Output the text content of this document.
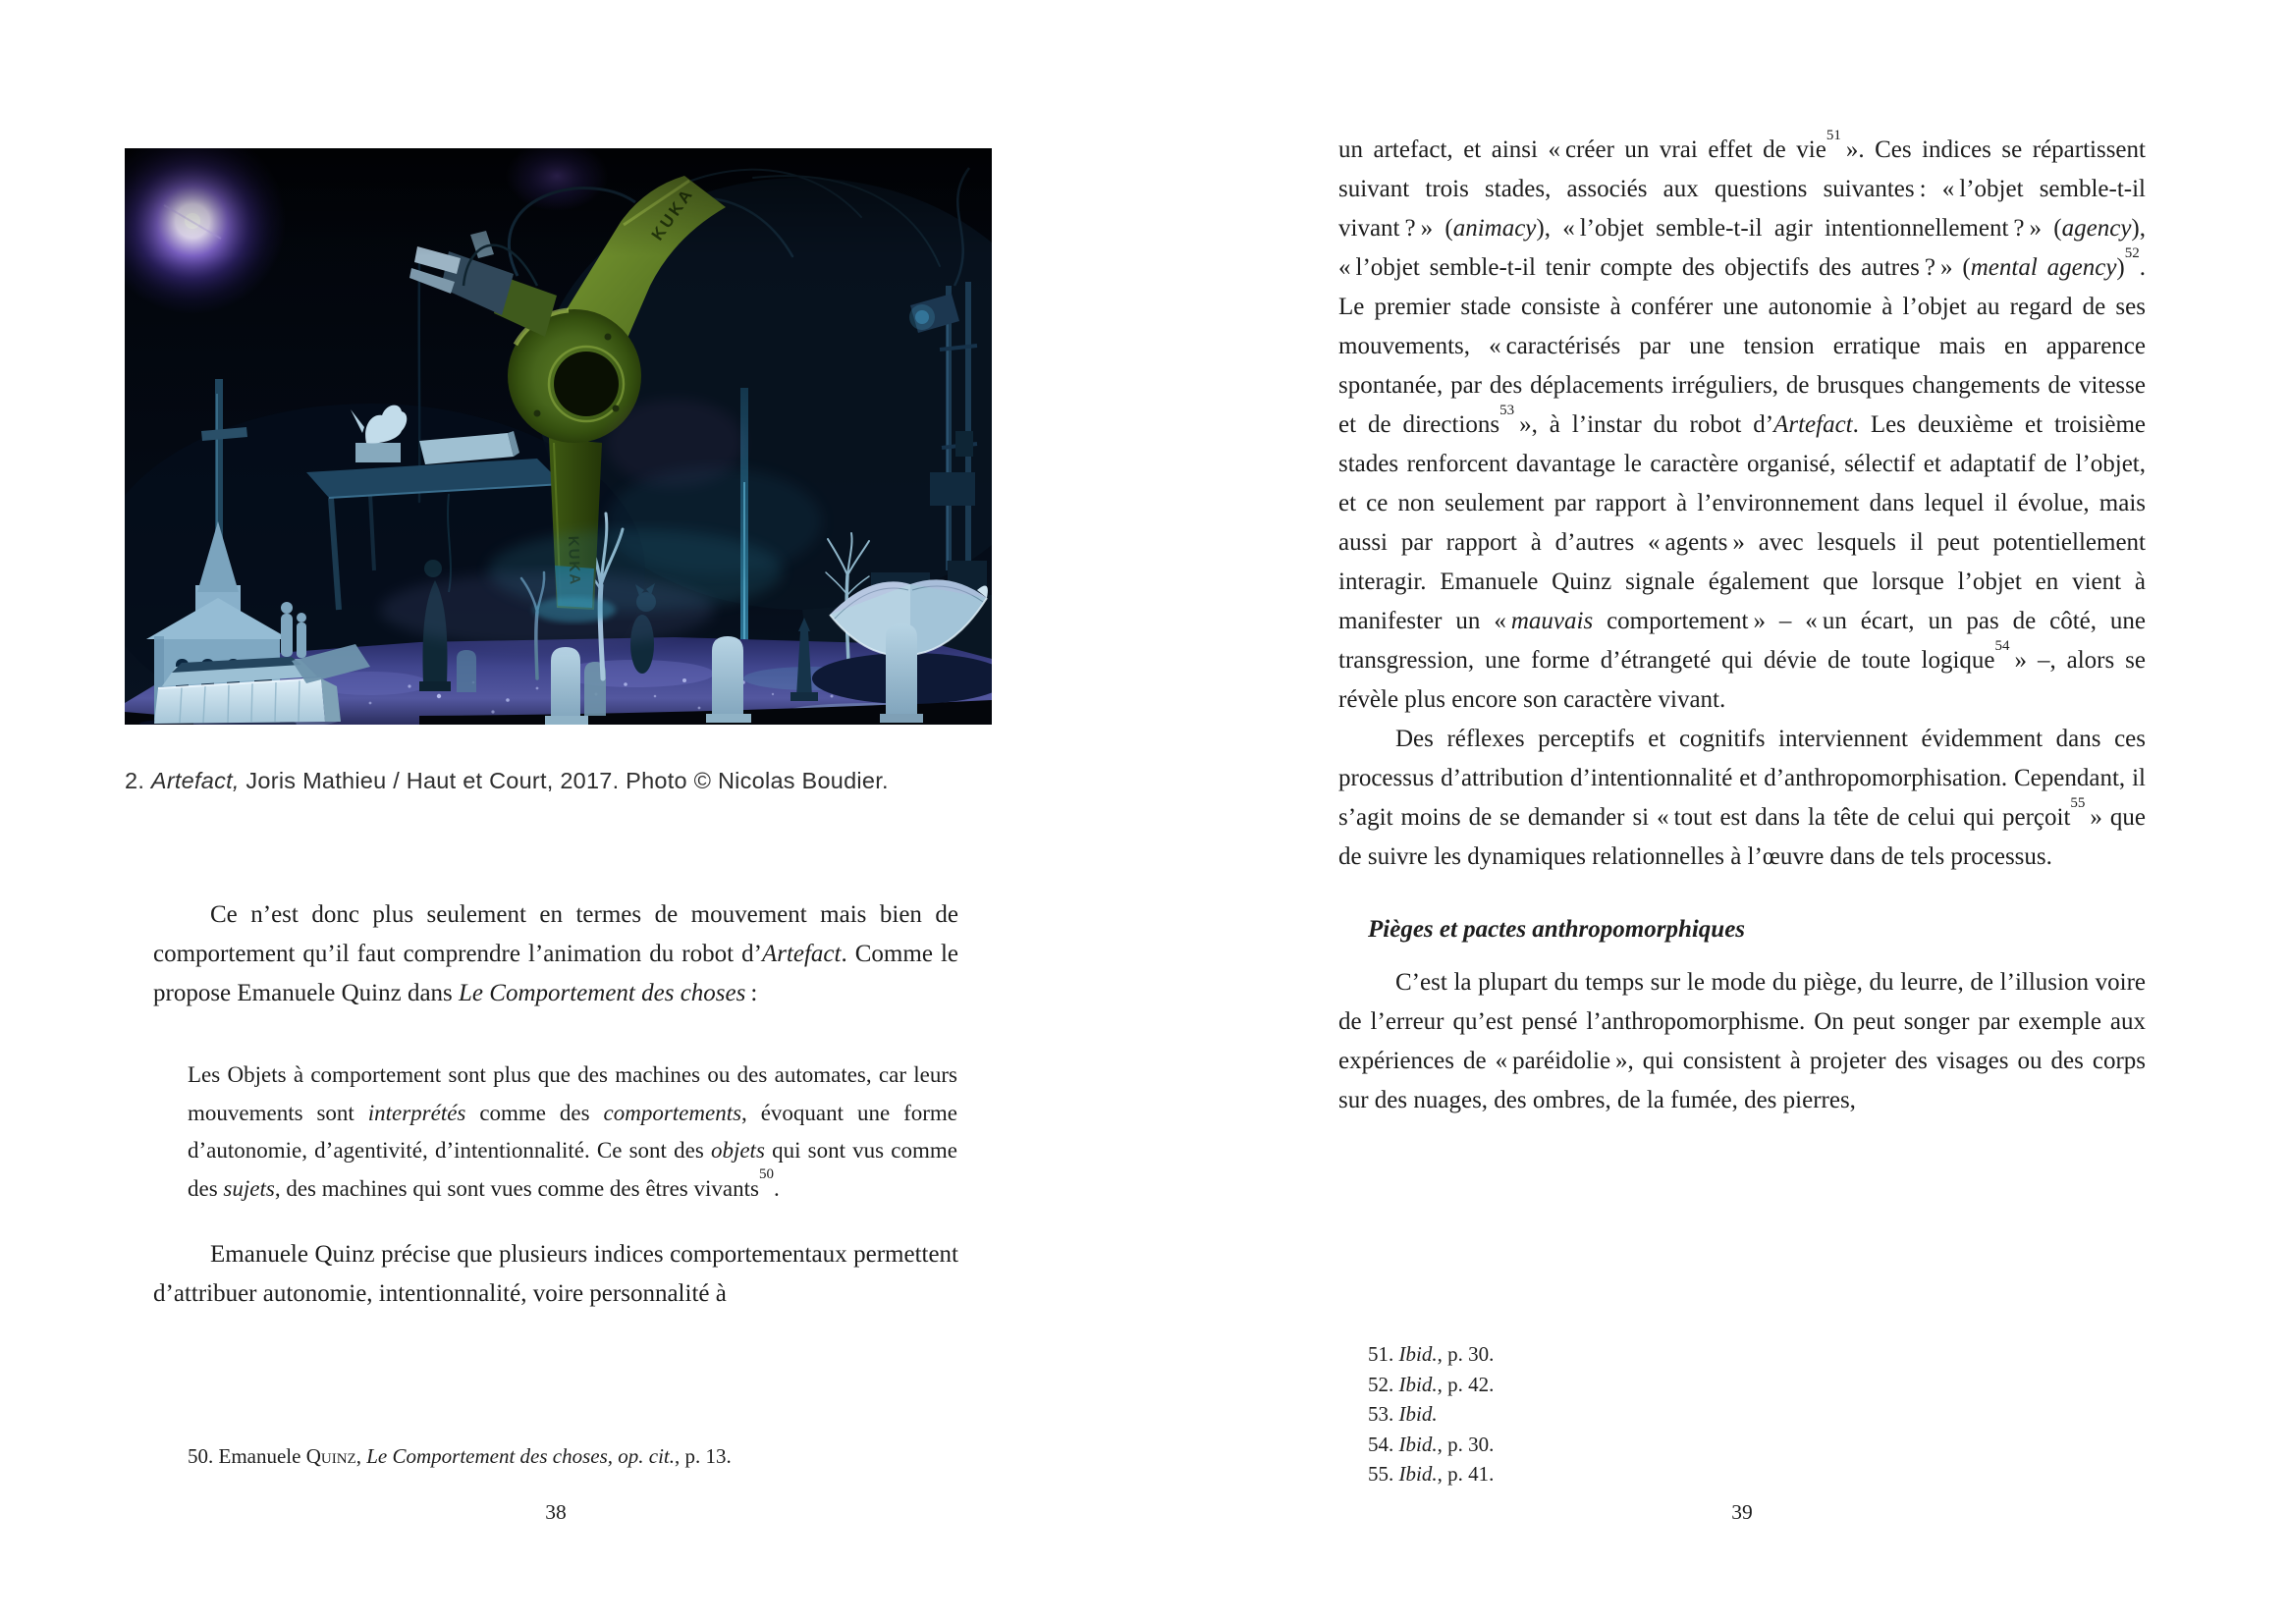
KUKA

2. Artefact, Joris Mathieu / Haut et Court, 2017. Photo © Nicolas Boudier.

Ce n’est donc plus seulement en termes de mouvement mais bien de comportement qu’il faut comprendre l’animation du robot d’Artefact. Comme le propose Emanuele Quinz dans Le Comportement des choses :

Les Objets à comportement sont plus que des machines ou des automates, car leurs mouvements sont interprétés comme des comportements, évoquant une forme d’autonomie, d’agentivité, d’intentionnalité. Ce sont des objets qui sont vus comme des sujets, des machines qui sont vues comme des êtres vivants$^{50}$.

Emanuele Quinz précise que plusieurs indices comportementaux permettent d’attribuer autonomie, intentionnalité, voire personnalité à

50. Emanuele Quinz, Le Comportement des choses, op. cit., p. 13.

38

un artefact, et ainsi « créer un vrai effet de vie$^{51}$ ». Ces indices se répartissent suivant trois stades, associés aux questions suivantes : « l’objet semble-t-il vivant ? » (animacy), « l’objet semble-t-il agir intentionnellement ? » (agency), « l’objet semble-t-il tenir compte des objectifs des autres ? » (mental agency)$^{52}$. Le premier stade consiste à conférer une autonomie à l’objet au regard de ses mouvements, « caractérisés par une tension erratique mais en apparence spontanée, par des déplacements irréguliers, de brusques changements de vitesse et de directions$^{53}$ », à l’instar du robot d’Artefact. Les deuxième et troisième stades renforcent davantage le caractère organisé, sélectif et adaptatif de l’objet, et ce non seulement par rapport à l’environnement dans lequel il évolue, mais aussi par rapport à d’autres « agents » avec lesquels il peut potentiellement interagir. Emanuele Quinz signale également que lorsque l’objet en vient à manifester un « mauvais comportement » – « un écart, un pas de côté, une transgression, une forme d’étrangeté qui dévie de toute logique$^{54}$ » –, alors se révèle plus encore son caractère vivant.

Des réflexes perceptifs et cognitifs interviennent évidemment dans ces processus d’attribution d’intentionnalité et d’anthropomorphisation. Cependant, il s’agit moins de se demander si « tout est dans la tête de celui qui perçoit$^{55}$ » que de suivre les dynamiques relationnelles à l’œuvre dans de tels processus.

Pièges et pactes anthropomorphiques

C’est la plupart du temps sur le mode du piège, du leurre, de l’illusion voire de l’erreur qu’est pensé l’anthropomorphisme. On peut songer par exemple aux expériences de « paréidolie », qui consistent à projeter des visages ou des corps sur des nuages, des ombres, de la fumée, des pierres,

51. Ibid., p. 30.

52. Ibid., p. 42.

53. Ibid.

54. Ibid., p. 30.

55. Ibid., p. 41.

39
